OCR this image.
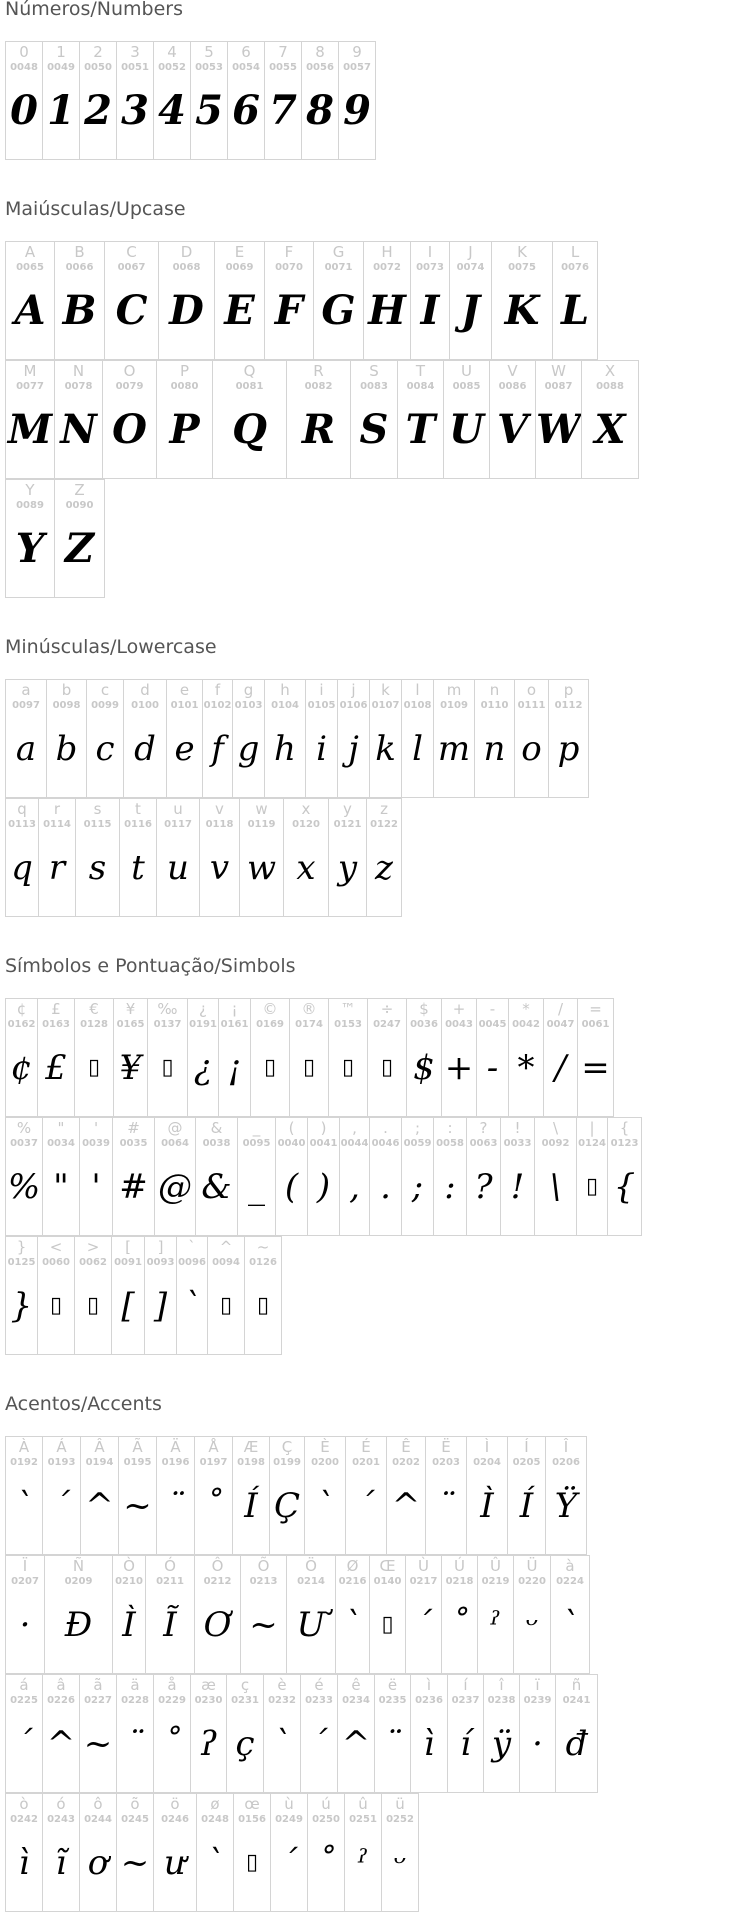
Números/Numbers
Maiúsculas/Upcase
Minúsculas/Lowercase
Símbolos e Pontuação/Simbols
Acentos/Accents
0
0048
0
1
0049
1
2
0050
2
3
0051
3
4
0052
4
5
0053
5
6
0054
6
7
0055
7
8
0056
8
9
0057
9
A
0065
A
B
0066
B
C
0067
C
D
0068
D
E
0069
E
F
0070
F
G
0071
G
H
0072
H
I
0073
I
J
0074
J
K
0075
K
L
0076
L
M
0077
M
N
0078
N
O
0079
O
P
0080
P
Q
0081
Q
R
0082
R
S
0083
S
T
0084
T
U
0085
U
V
0086
V
W
0087
W
X
0088
X
Y
0089
Y
Z
0090
Z
a
0097
a
b
0098
b
c
0099
c
d
0100
d
e
0101
e
f
0102
f
g
0103
g
h
0104
h
i
0105
i
j
0106
j
k
0107
k
l
0108
l
m
0109
m
n
0110
n
o
0111
o
p
0112
p
q
0113
q
r
0114
r
s
0115
s
t
0116
t
u
0117
u
v
0118
v
w
0119
w
x
0120
x
y
0121
y
z
0122
z
¢
0162
¢
£
0163
£
€
0128
▯
¥
0165
¥
‰
0137
▯
¿
0191
¿
¡
0161
¡
©
0169
▯
®
0174
▯
™
0153
▯
÷
0247
▯
$
0036
$
+
0043
+
-
0045
-
*
0042
*
/
0047
/
=
0061
=
%
0037
%
"
0034
"
'
0039
'
#
0035
#
@
0064
@
&
0038
&
_
0095
_
(
0040
(
)
0041
)
,
0044
,
.
0046
.
;
0059
;
:
0058
:
?
0063
?
!
0033
!
\
0092
\
|
0124
▯
{
0123
{
}
0125
}
<
0060
▯
>
0062
▯
[
0091
[
]
0093
]
`
0096
`
^
0094
▯
~
0126
▯
À
0192
`
Á
0193
´
Â
0194
^
Ã
0195
~
Ä
0196
¨
Å
0197
˚
Æ
0198
Í
Ç
0199
Ç
È
0200
`
É
0201
´
Ê
0202
^
Ë
0203
¨
Ì
0204
Ì
Í
0205
Í
Î
0206
Ÿ
Ï
0207
·
Ñ
0209
Đ
Ò
0210
Ì
Ó
0211
Ĩ
Ô
0212
Ơ
Õ
0213
~
Ö
0214
Ư
Ø
0216
`
Œ
0140
▯
Ù
0217
´
Ú
0218
˚
Û
0219
ˀ
Ü
0220
ᵕ
à
0224
`
á
0225
´
â
0226
^
ã
0227
~
ä
0228
¨
å
0229
˚
æ
0230
ʔ
ç
0231
ç
è
0232
`
é
0233
´
ê
0234
^
ë
0235
¨
ì
0236
ì
í
0237
í
î
0238
ÿ
ï
0239
·
ñ
0241
đ
ò
0242
ì
ó
0243
ĩ
ô
0244
ơ
õ
0245
~
ö
0246
ư
ø
0248
`
œ
0156
▯
ù
0249
´
ú
0250
˚
û
0251
ˀ
ü
0252
ᵕ
